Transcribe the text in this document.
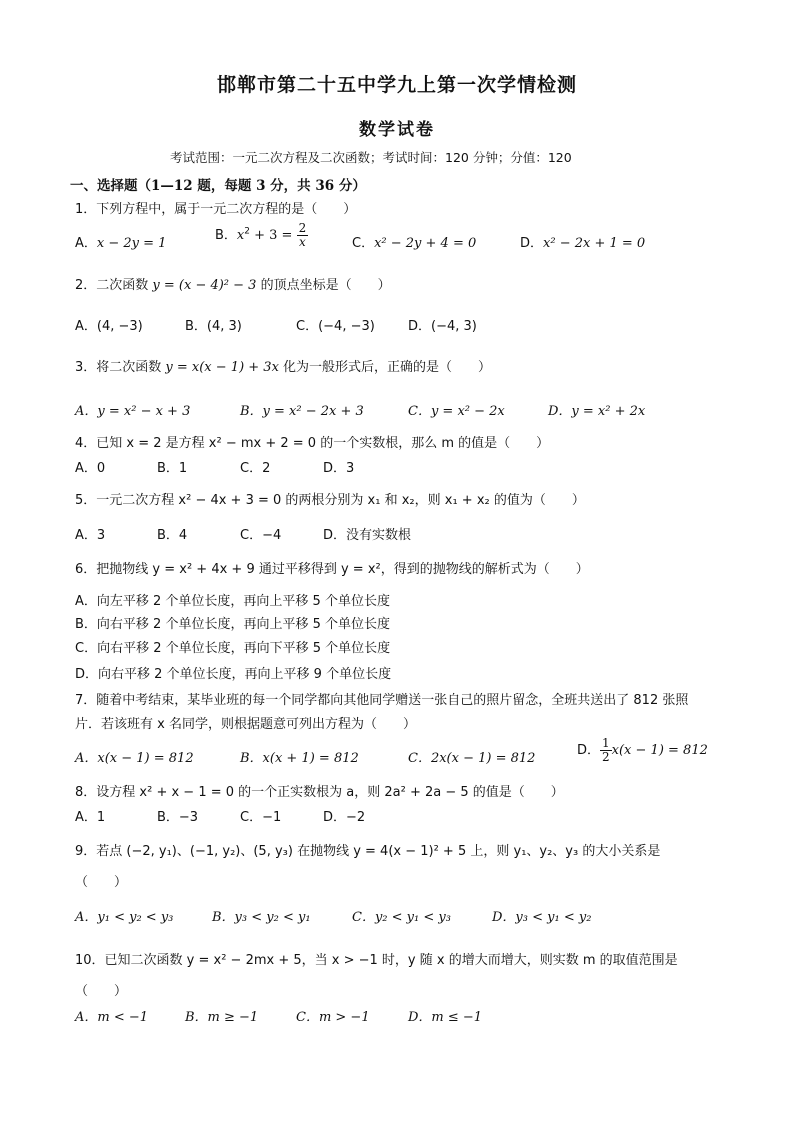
邯郸市第二十五中学九上第一次学情检测
数学试卷
考试范围：一元二次方程及二次函数；考试时间：120 分钟；分值：120
一、选择题（1—12 题，每题 3 分，共 36 分）
1．下列方程中，属于一元二次方程的是（　　）
A．x − 2y = 1
B．$x^2 + 3 = \frac{2}{x}$	C．x² − 2y + 4 = 0	D．x² − 2x + 1 = 0
2．二次函数 y = (x − 4)² − 3 的顶点坐标是（　　）
A．(4, −3)	B．(4, 3)	C．(−4, −3)	D．(−4, 3)
3．将二次函数 y = x(x − 1) + 3x 化为一般形式后，正确的是（　　）
A．y = x² − x + 3	B．y = x² − 2x + 3	C．y = x² − 2x	D．y = x² + 2x
4．已知 x = 2 是方程 x² − mx + 2 = 0 的一个实数根，那么 m 的值是（　　）
A．0	B．1	C．2	D．3
5．一元二次方程 x² − 4x + 3 = 0 的两根分别为 x₁ 和 x₂，则 x₁ + x₂ 的值为（　　）
A．3	B．4	C．−4	D．没有实数根
6．把抛物线 y = x² + 4x + 9 通过平移得到 y = x²，得到的抛物线的解析式为（　　）
A．向左平移 2 个单位长度，再向上平移 5 个单位长度
B．向右平移 2 个单位长度，再向上平移 5 个单位长度
C．向右平移 2 个单位长度，再向下平移 5 个单位长度
D．向右平移 2 个单位长度，再向上平移 9 个单位长度
7．随着中考结束，某毕业班的每一个同学都向其他同学赠送一张自己的照片留念，全班共送出了 812 张照
片．若该班有 x 名同学，则根据题意可列出方程为（　　）
A．x(x − 1) = 812	B．x(x + 1) = 812	C．2x(x − 1) = 812
D． $\frac{1}{2} x(x - 1) = 812$
8．设方程 x² + x − 1 = 0 的一个正实数根为 a，则 2a² + 2a − 5 的值是（　　）
A．1	B．−3	C．−1	D．−2
9．若点 (−2, y₁)、(−1, y₂)、(5, y₃) 在抛物线 y = 4(x − 1)² + 5 上，则 y₁、y₂、y₃ 的大小关系是
（　　）
A．y₁ < y₂ < y₃	B．y₃ < y₂ < y₁	C．y₂ < y₁ < y₃	D．y₃ < y₁ < y₂
10．已知二次函数 y = x² − 2mx + 5，当 x > −1 时，y 随 x 的增大而增大，则实数 m 的取值范围是
（　　）
A．m < −1	B．m ≥ −1	C．m > −1	D．m ≤ −1
